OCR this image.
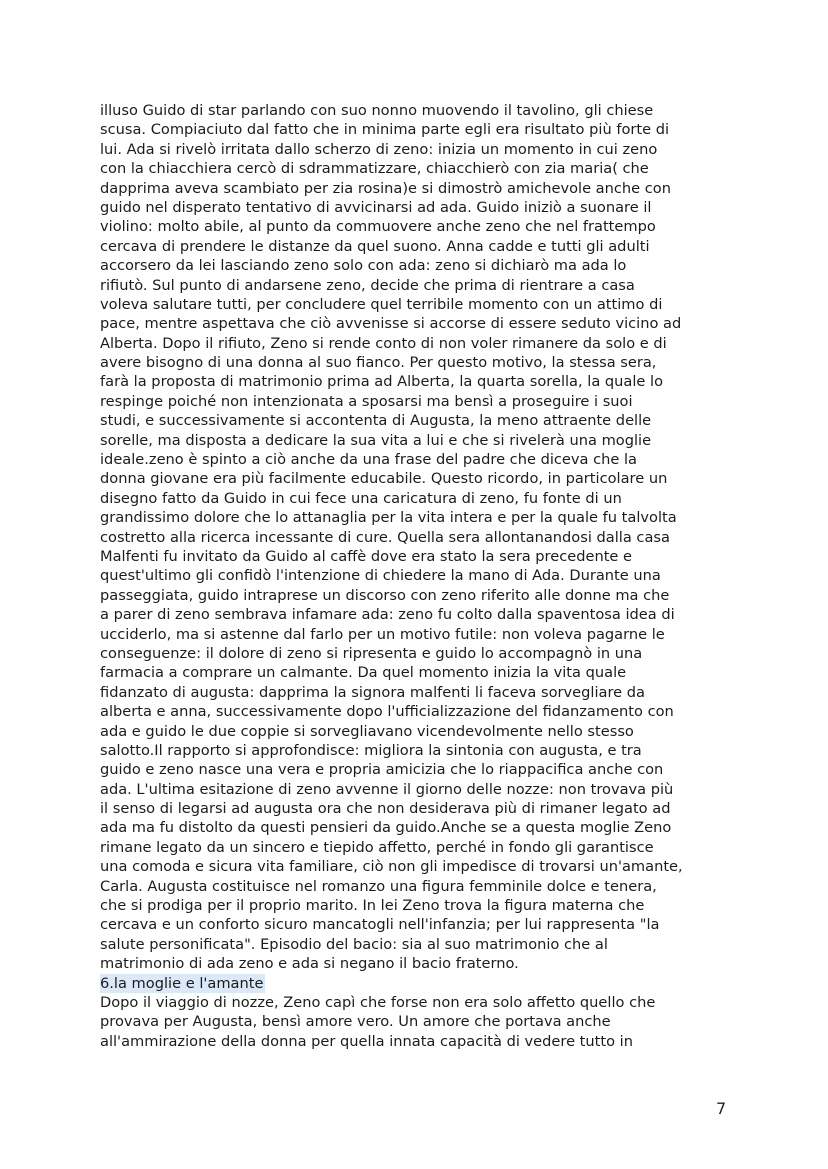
illuso Guido di star parlando con suo nonno muovendo il tavolino, gli chiese
scusa. Compiaciuto dal fatto che in minima parte egli era risultato più forte di
lui. Ada si rivelò irritata dallo scherzo di zeno: inizia un momento in cui zeno
con la chiacchiera cercò di sdrammatizzare, chiacchierò con zia maria( che
dapprima aveva scambiato per zia rosina)e si dimostrò amichevole anche con
guido nel disperato tentativo di avvicinarsi ad ada. Guido iniziò a suonare il
violino: molto abile, al punto da commuovere anche zeno che nel frattempo
cercava di prendere le distanze da quel suono. Anna cadde e tutti gli adulti
accorsero da lei lasciando zeno solo con ada: zeno si dichiarò ma ada lo
rifiutò. Sul punto di andarsene zeno, decide che prima di rientrare a casa
voleva salutare tutti, per concludere quel terribile momento con un attimo di
pace, mentre aspettava che ciò avvenisse si accorse di essere seduto vicino ad
Alberta. Dopo il rifiuto, Zeno si rende conto di non voler rimanere da solo e di
avere bisogno di una donna al suo fianco. Per questo motivo, la stessa sera,
farà la proposta di matrimonio prima ad Alberta, la quarta sorella, la quale lo
respinge poiché non intenzionata a sposarsi ma bensì a proseguire i suoi
studi, e successivamente si accontenta di Augusta, la meno attraente delle
sorelle, ma disposta a dedicare la sua vita a lui e che si rivelerà una moglie
ideale.zeno è spinto a ciò anche da una frase del padre che diceva che la
donna giovane era più facilmente educabile. Questo ricordo, in particolare un
disegno fatto da Guido in cui fece una caricatura di zeno, fu fonte di un
grandissimo dolore che lo attanaglia per la vita intera e per la quale fu talvolta
costretto alla ricerca incessante di cure. Quella sera allontanandosi dalla casa
Malfenti fu invitato da Guido al caffè dove era stato la sera precedente e
quest'ultimo gli confidò l'intenzione di chiedere la mano di Ada. Durante una
passeggiata, guido intraprese un discorso con zeno riferito alle donne ma che
a parer di zeno sembrava infamare ada: zeno fu colto dalla spaventosa idea di
ucciderlo, ma si astenne dal farlo per un motivo futile: non voleva pagarne le
conseguenze: il dolore di zeno si ripresenta e guido lo accompagnò in una
farmacia a comprare un calmante. Da quel momento inizia la vita quale
fidanzato di augusta: dapprima la signora malfenti li faceva sorvegliare da
alberta e anna, successivamente dopo l'ufficializzazione del fidanzamento con
ada e guido le due coppie si sorvegliavano vicendevolmente nello stesso
salotto.Il rapporto si approfondisce: migliora la sintonia con augusta, e tra
guido e zeno nasce una vera e propria amicizia che lo riappacifica anche con
ada. L'ultima esitazione di zeno avvenne il giorno delle nozze: non trovava più
il senso di legarsi ad augusta ora che non desiderava più di rimaner legato ad
ada ma fu distolto da questi pensieri da guido.Anche se a questa moglie Zeno
rimane legato da un sincero e tiepido affetto, perché in fondo gli garantisce
una comoda e sicura vita familiare, ciò non gli impedisce di trovarsi un'amante,
Carla. Augusta costituisce nel romanzo una figura femminile dolce e tenera,
che si prodiga per il proprio marito. In lei Zeno trova la figura materna che
cercava e un conforto sicuro mancatogli nell'infanzia; per lui rappresenta "la
salute personificata". Episodio del bacio: sia al suo matrimonio che al
matrimonio di ada zeno e ada si negano il bacio fraterno.
6.la moglie e l'amante
Dopo il viaggio di nozze, Zeno capì che forse non era solo affetto quello che
provava per Augusta, bensì amore vero. Un amore che portava anche
all'ammirazione della donna per quella innata capacità di vedere tutto in
7
